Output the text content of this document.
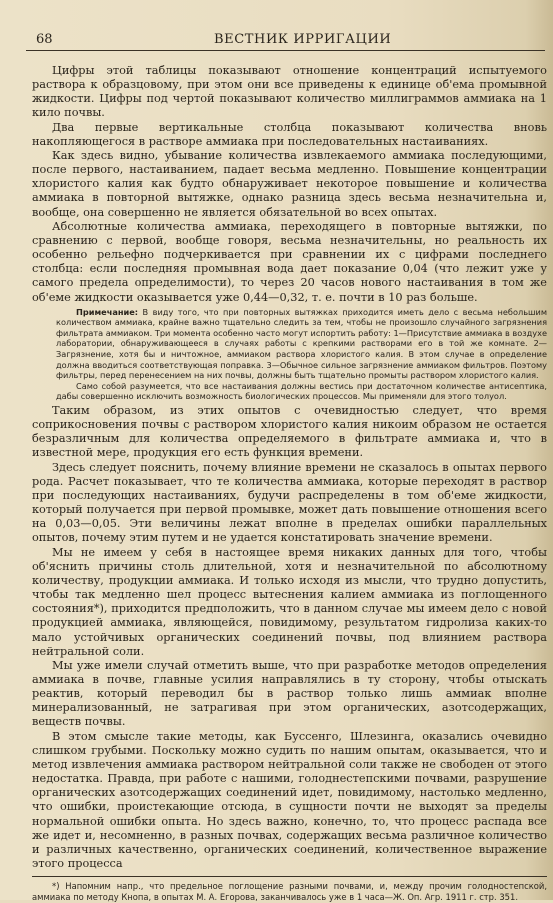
68	ВЕСТНИК ИРРИГАЦИИ

Цифры этой таблицы показывают отношение концентраций испытуемого раствора к образцовому, при этом они все приведены к единице об'ема промывной жидкости. Цифры под чертой показывают количество миллиграммов аммиака на 1 кило почвы.

Два первые вертикальные столбца показывают количества вновь накопляющегося в растворе аммиака при последовательных настаиваниях.

Как здесь видно, убывание количества извлекаемого аммиака последующими, после первого, настаиванием, падает весьма медленно. Повышение концентрации хлористого калия как будто обнаруживает некоторое повышение и количества аммиака в повторной вытяжке, однако разница здесь весьма незначительна и, вообще, она совершенно не является обязательной во всех опытах.

Абсолютные количества аммиака, переходящего в повторные вытяжки, по сравнению с первой, вообще говоря, весьма незначительны, но реальность их особенно рельефно подчеркивается при сравнении их с цифрами последнего столбца: если последняя промывная вода дает показание 0,04 (что лежит уже у самого предела определимости), то через 20 часов нового настаивания в том же об'еме жидкости оказывается уже 0,44—0,32, т. е. почти в 10 раз больше.

Примечание: В виду того, что при повторных вытяжках приходится иметь дело с весьма небольшим количеством аммиака, крайне важно тщательно следить за тем, чтобы не произошло случайного загрязнения фильтрата аммиаком. Три момента особенно часто могут испортить работу: 1—Присутствие аммиака в воздухе лаборатории, обнаруживающееся в случаях работы с крепкими растворами его в той же комнате. 2—Загрязнение, хотя бы и ничтожное, аммиаком раствора хлористого калия. В этом случае в определение должна вводиться соответствующая поправка. 3—Обычное сильное загрязнение аммиаком фильтров. Поэтому фильтры, перед перенесением на них почвы, должны быть тщательно промыты раствором хлористого калия.

Само собой разумеется, что все настаивания должны вестись при достаточном количестве антисептика, дабы совершенно исключить возможность биологических процессов. Мы применяли для этого толуол.

Таким образом, из этих опытов с очевидностью следует, что время соприкосновения почвы с раствором хлористого калия никоим образом не остается безразличным для количества определяемого в фильтрате аммиака и, что в известной мере, продукция его есть функция времени.

Здесь следует пояснить, почему влияние времени не сказалось в опытах первого рода. Расчет показывает, что те количества аммиака, которые переходят в раствор при последующих настаиваниях, будучи распределены в том об'еме жидкости, который получается при первой промывке, может дать повышение отношения всего на 0,03—0,05. Эти величины лежат вполне в пределах ошибки параллельных опытов, почему этим путем и не удается констатировать значение времени.

Мы не имеем у себя в настоящее время никаких данных для того, чтобы об'яснить причины столь длительной, хотя и незначительной по абсолютному количеству, продукции аммиака. И только исходя из мысли, что трудно допустить, чтобы так медленно шел процесс вытеснения калием аммиака из поглощенного состояния*), приходится предположить, что в данном случае мы имеем дело с новой продукцией аммиака, являющейся, повидимому, результатом гидролиза каких-то мало устойчивых органических соединений почвы, под влиянием раствора нейтральной соли.

Мы уже имели случай отметить выше, что при разработке методов определения аммиака в почве, главные усилия направлялись в ту сторону, чтобы отыскать реактив, который переводил бы в раствор только лишь аммиак вполне минерализованный, не затрагивая при этом органических, азотсодержащих, веществ почвы.

В этом смысле такие методы, как Буссенго, Шлезинга, оказались очевидно слишком грубыми. Поскольку можно судить по нашим опытам, оказывается, что и метод извлечения аммиака раствором нейтральной соли также не свободен от этого недостатка. Правда, при работе с нашими, голоднестепскими почвами, разрушение органических азотсодержащих соединений идет, повидимому, настолько медленно, что ошибки, проистекающие отсюда, в сущности почти не выходят за пределы нормальной ошибки опыта. Но здесь важно, конечно, то, что процесс распада все же идет и, несомненно, в разных почвах, содержащих весьма различное количество и различных качественно, органических соединений, количественное выражение этого процесса

*) Напомним напр., что предельное поглощение разными почвами, и, между прочим голодностепской, аммиака по методу Кнопа, в опытах М. А. Егорова, заканчивалось уже в 1 часа—Ж. Оп. Агр. 1911 г. стр. 351.
